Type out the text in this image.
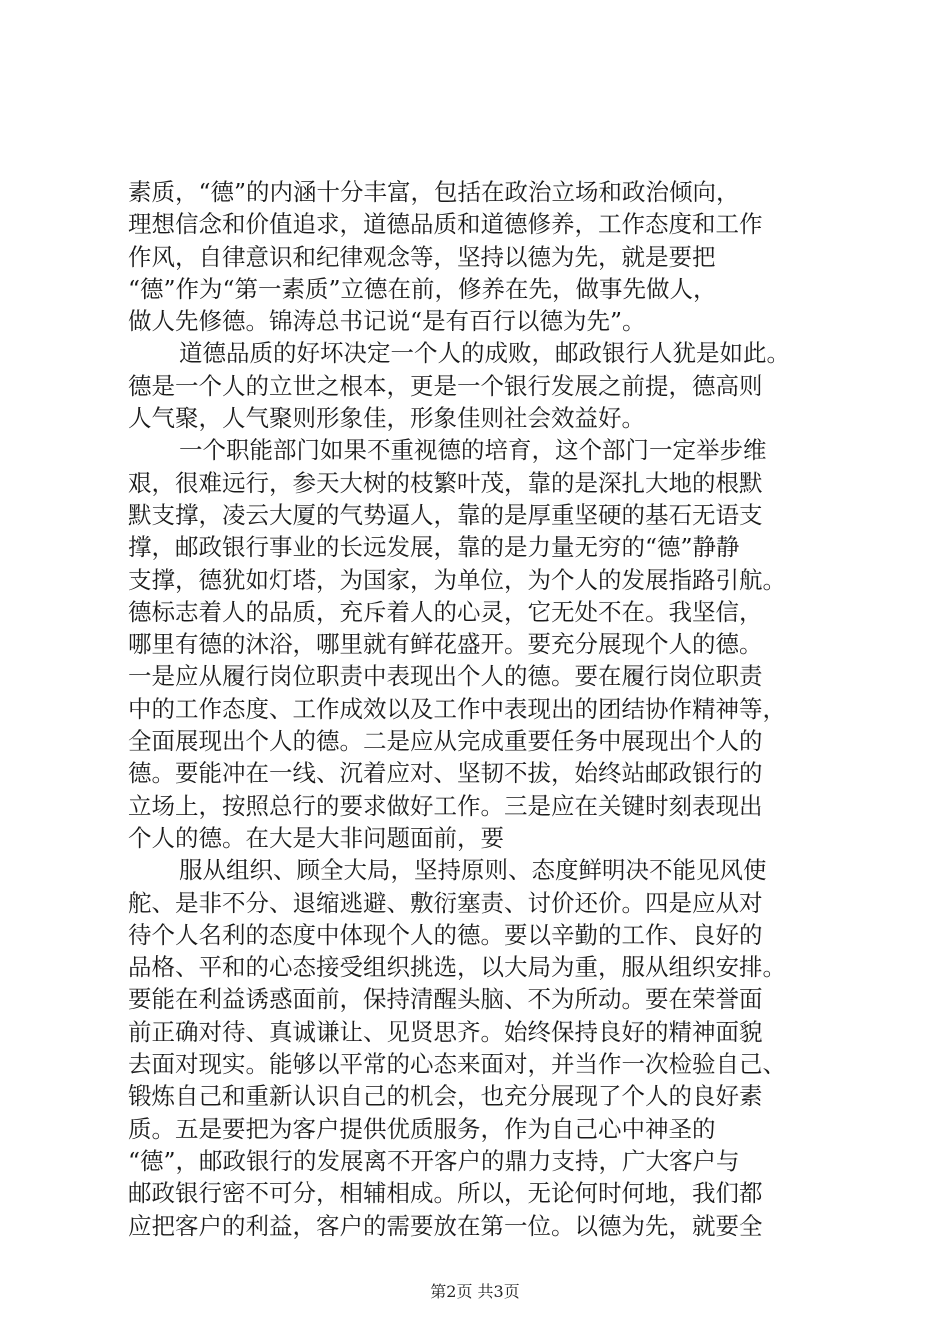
素质，“德”的内涵十分丰富，包括在政治立场和政治倾向，
理想信念和价值追求，道德品质和道德修养，工作态度和工作
作风，自律意识和纪律观念等，坚持以德为先，就是要把
“德”作为“第一素质”立德在前，修养在先，做事先做人，
做人先修德。锦涛总书记说“是有百行以德为先”。
道德品质的好坏决定一个人的成败，邮政银行人犹是如此。
德是一个人的立世之根本，更是一个银行发展之前提，德高则
人气聚，人气聚则形象佳，形象佳则社会效益好。
一个职能部门如果不重视德的培育，这个部门一定举步维
艰，很难远行，参天大树的枝繁叶茂，靠的是深扎大地的根默
默支撑，凌云大厦的气势逼人，靠的是厚重坚硬的基石无语支
撑，邮政银行事业的长远发展，靠的是力量无穷的“德”静静
支撑，德犹如灯塔，为国家，为单位，为个人的发展指路引航。
德标志着人的品质，充斥着人的心灵，它无处不在。我坚信，
哪里有德的沐浴，哪里就有鲜花盛开。要充分展现个人的德。
一是应从履行岗位职责中表现出个人的德。要在履行岗位职责
中的工作态度、工作成效以及工作中表现出的团结协作精神等，
全面展现出个人的德。二是应从完成重要任务中展现出个人的
德。要能冲在一线、沉着应对、坚韧不拔，始终站邮政银行的
立场上，按照总行的要求做好工作。三是应在关键时刻表现出
个人的德。在大是大非问题面前，要
服从组织、顾全大局，坚持原则、态度鲜明决不能见风使
舵、是非不分、退缩逃避、敷衍塞责、讨价还价。四是应从对
待个人名利的态度中体现个人的德。要以辛勤的工作、良好的
品格、平和的心态接受组织挑选，以大局为重，服从组织安排。
要能在利益诱惑面前，保持清醒头脑、不为所动。要在荣誉面
前正确对待、真诚谦让、见贤思齐。始终保持良好的精神面貌
去面对现实。能够以平常的心态来面对，并当作一次检验自己、
锻炼自己和重新认识自己的机会，也充分展现了个人的良好素
质。五是要把为客户提供优质服务，作为自己心中神圣的
“德”，邮政银行的发展离不开客户的鼎力支持，广大客户与
邮政银行密不可分，相辅相成。所以，无论何时何地，我们都
应把客户的利益，客户的需要放在第一位。以德为先，就要全
第2页 共3页
